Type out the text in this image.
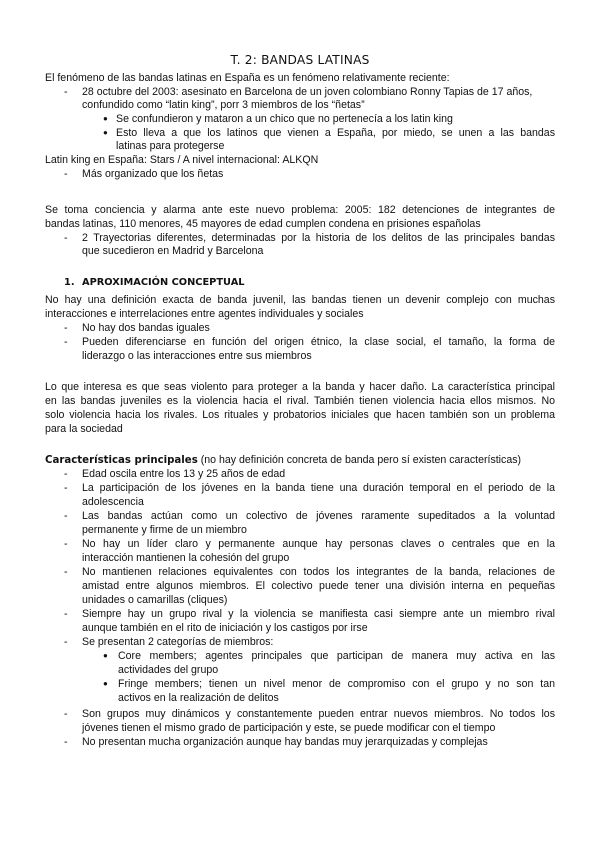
T. 2: BANDAS LATINAS
El fenómeno de las bandas latinas en España es un fenómeno relativamente reciente:
- 28 octubre del 2003: asesinato en Barcelona de un joven colombiano Ronny Tapias de 17 años,
confundido como “latin king”, porr 3 miembros de los “ñetas”
● Se confundieron y mataron a un chico que no pertenecía a los latin king
● Esto lleva a que los latinos que vienen a España, por miedo, se unen a las bandas
latinas para protegerse
Latin king en España: Stars / A nivel internacional: ALKQN
- Más organizado que los ñetas
Se toma conciencia y alarma ante este nuevo problema: 2005: 182 detenciones de integrantes de
bandas latinas, 110 menores, 45 mayores de edad cumplen condena en prisiones españolas
- 2 Trayectorias diferentes, determinadas por la historia de los delitos de las principales bandas
que sucedieron en Madrid y Barcelona
1. APROXIMACIÓN CONCEPTUAL
No hay una definición exacta de banda juvenil, las bandas tienen un devenir complejo con muchas
interacciones e interrelaciones entre agentes individuales y sociales
- No hay dos bandas iguales
- Pueden diferenciarse en función del origen étnico, la clase social, el tamaño, la forma de
liderazgo o las interacciones entre sus miembros
Lo que interesa es que seas violento para proteger a la banda y hacer daño. La característica principal
en las bandas juveniles es la violencia hacia el rival. También tienen violencia hacia ellos mismos. No
solo violencia hacia los rivales. Los rituales y probatorios iniciales que hacen también son un problema
para la sociedad
Características principales (no hay definición concreta de banda pero sí existen características)
- Edad oscila entre los 13 y 25 años de edad
- La participación de los jóvenes en la banda tiene una duración temporal en el periodo de la
adolescencia
- Las bandas actúan como un colectivo de jóvenes raramente supeditados a la voluntad
permanente y firme de un miembro
- No hay un líder claro y permanente aunque hay personas claves o centrales que en la
interacción mantienen la cohesión del grupo
- No mantienen relaciones equivalentes con todos los integrantes de la banda, relaciones de
amistad entre algunos miembros. El colectivo puede tener una división interna en pequeñas
unidades o camarillas (cliques)
- Siempre hay un grupo rival y la violencia se manifiesta casi siempre ante un miembro rival
aunque también en el rito de iniciación y los castigos por irse
- Se presentan 2 categorías de miembros:
● Core members; agentes principales que participan de manera muy activa en las
actividades del grupo
● Fringe members; tienen un nivel menor de compromiso con el grupo y no son tan
activos en la realización de delitos
- Son grupos muy dinámicos y constantemente pueden entrar nuevos miembros. No todos los
jóvenes tienen el mismo grado de participación y este, se puede modificar con el tiempo
- No presentan mucha organización aunque hay bandas muy jerarquizadas y complejas
